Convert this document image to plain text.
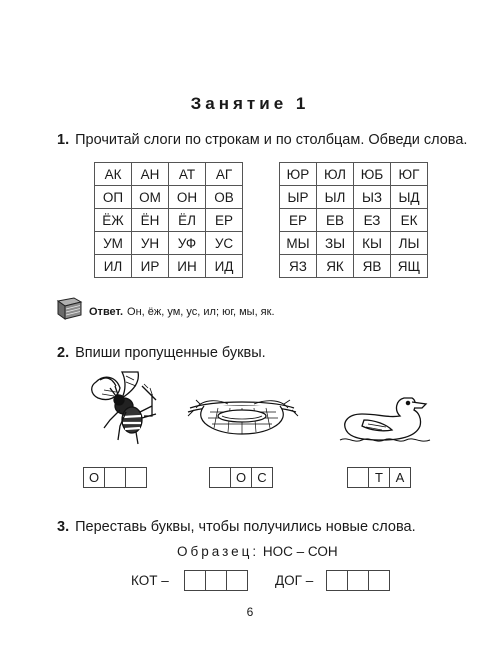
Занятие 1
1. Прочитай слоги по строкам и по столбцам. Обведи слова.
АК	АН	АТ	АГ
ОП	ОМ	ОН	ОВ
ЁЖ	ЁН	ЁЛ	ЕР
УМ	УН	УФ	УС
ИЛ	ИР	ИН	ИД
ЮР	ЮЛ	ЮБ	ЮГ
ЫР	ЫЛ	ЫЗ	ЫД
ЕР	ЕВ	ЕЗ	ЕК
МЫ	ЗЫ	КЫ	ЛЫ
ЯЗ	ЯК	ЯВ	ЯЩ
Ответ. Он, ёж, ум, ус, ил; юг, мы, як.
2. Впиши пропущенные буквы.
О	О С	Т А
3. Переставь буквы, чтобы получились новые слова.
Образец: НОС – СОН
КОТ –	ДОГ –
6
